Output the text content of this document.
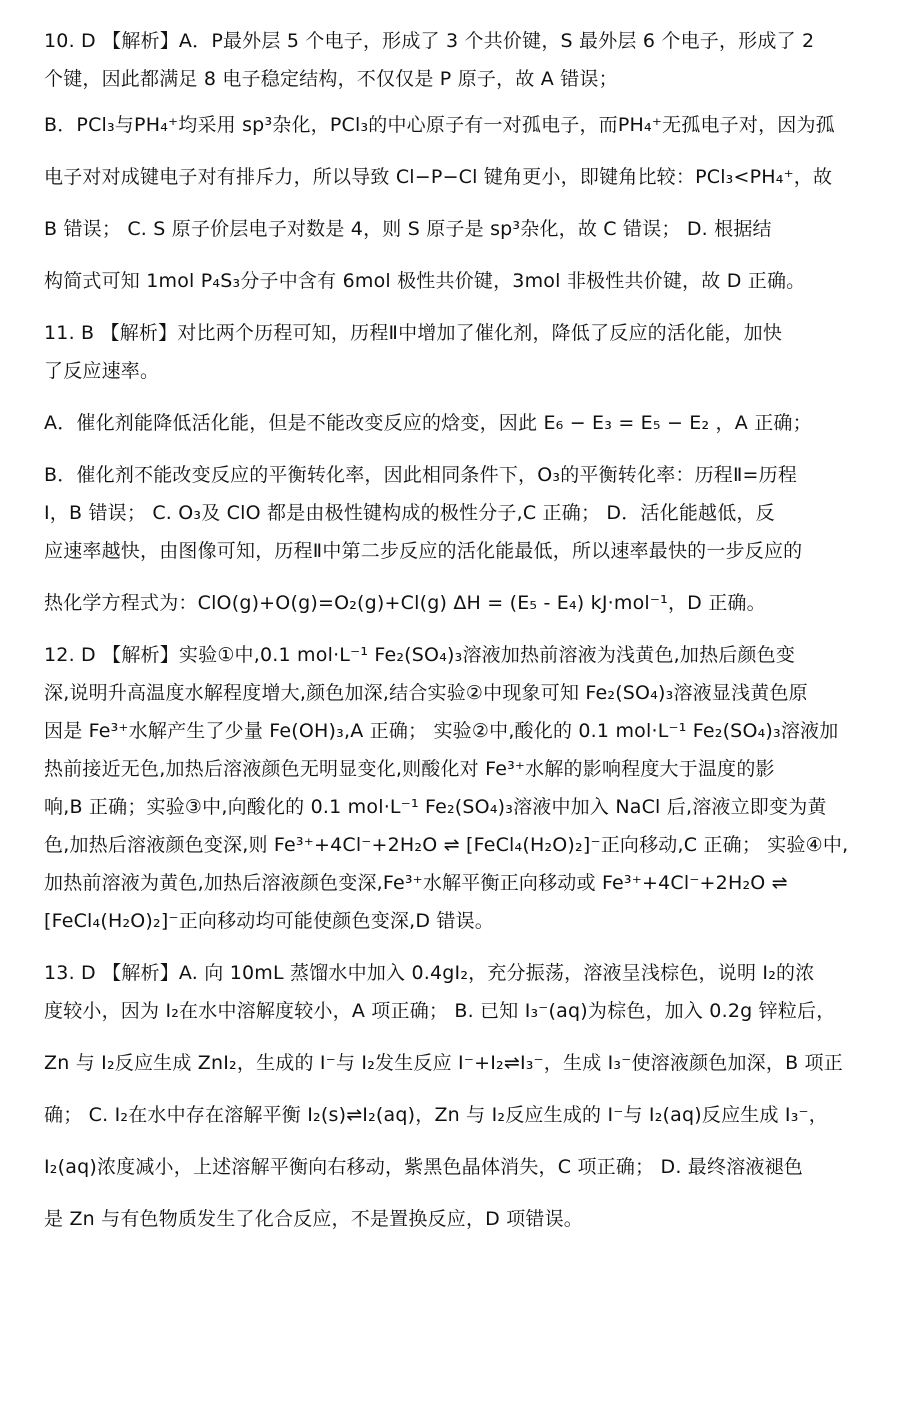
10. D 【解析】A．P最外层 5 个电子，形成了 3 个共价键，S 最外层 6 个电子，形成了 2
个键，因此都满足 8 电子稳定结构，不仅仅是 P 原子，故 A 错误；
B．PCl₃与PH₄⁺均采用 sp³杂化，PCl₃的中心原子有一对孤电子，而PH₄⁺无孤电子对，因为孤
电子对对成键电子对有排斥力，所以导致 Cl−P−Cl 键角更小，即键角比较：PCl₃<PH₄⁺，故
B 错误； C. S 原子价层电子对数是 4，则 S 原子是 sp³杂化，故 C 错误； D. 根据结
构简式可知 1mol P₄S₃分子中含有 6mol 极性共价键，3mol 非极性共价键，故 D 正确。
11. B 【解析】对比两个历程可知，历程Ⅱ中增加了催化剂，降低了反应的活化能，加快
了反应速率。
A．催化剂能降低活化能，但是不能改变反应的焓变，因此 E₆ − E₃ = E₅ − E₂ ，A 正确；
B．催化剂不能改变反应的平衡转化率，因此相同条件下，O₃的平衡转化率：历程Ⅱ=历程
Ⅰ，B 错误； C. O₃及 ClO 都是由极性键构成的极性分子,C 正确； D．活化能越低，反
应速率越快，由图像可知，历程Ⅱ中第二步反应的活化能最低，所以速率最快的一步反应的
热化学方程式为：ClO(g)+O(g)=O₂(g)+Cl(g) ΔH = (E₅ - E₄) kJ·mol⁻¹，D 正确。
12. D 【解析】实验①中,0.1 mol·L⁻¹ Fe₂(SO₄)₃溶液加热前溶液为浅黄色,加热后颜色变
深,说明升高温度水解程度增大,颜色加深,结合实验②中现象可知 Fe₂(SO₄)₃溶液显浅黄色原
因是 Fe³⁺水解产生了少量 Fe(OH)₃,A 正确； 实验②中,酸化的 0.1 mol·L⁻¹ Fe₂(SO₄)₃溶液加
热前接近无色,加热后溶液颜色无明显变化,则酸化对 Fe³⁺水解的影响程度大于温度的影
响,B 正确；实验③中,向酸化的 0.1 mol·L⁻¹ Fe₂(SO₄)₃溶液中加入 NaCl 后,溶液立即变为黄
色,加热后溶液颜色变深,则 Fe³⁺+4Cl⁻+2H₂O ⇌ [FeCl₄(H₂O)₂]⁻正向移动,C 正确； 实验④中,
加热前溶液为黄色,加热后溶液颜色变深,Fe³⁺水解平衡正向移动或 Fe³⁺+4Cl⁻+2H₂O ⇌
[FeCl₄(H₂O)₂]⁻正向移动均可能使颜色变深,D 错误。
13. D 【解析】A. 向 10mL 蒸馏水中加入 0.4gI₂，充分振荡，溶液呈浅棕色，说明 I₂的浓
度较小，因为 I₂在水中溶解度较小，A 项正确； B. 已知 I₃⁻(aq)为棕色，加入 0.2g 锌粒后，
Zn 与 I₂反应生成 ZnI₂，生成的 I⁻与 I₂发生反应 I⁻+I₂⇌I₃⁻，生成 I₃⁻使溶液颜色加深，B 项正
确； C. I₂在水中存在溶解平衡 I₂(s)⇌I₂(aq)，Zn 与 I₂反应生成的 I⁻与 I₂(aq)反应生成 I₃⁻，
I₂(aq)浓度减小，上述溶解平衡向右移动，紫黑色晶体消失，C 项正确； D. 最终溶液褪色
是 Zn 与有色物质发生了化合反应，不是置换反应，D 项错误。
